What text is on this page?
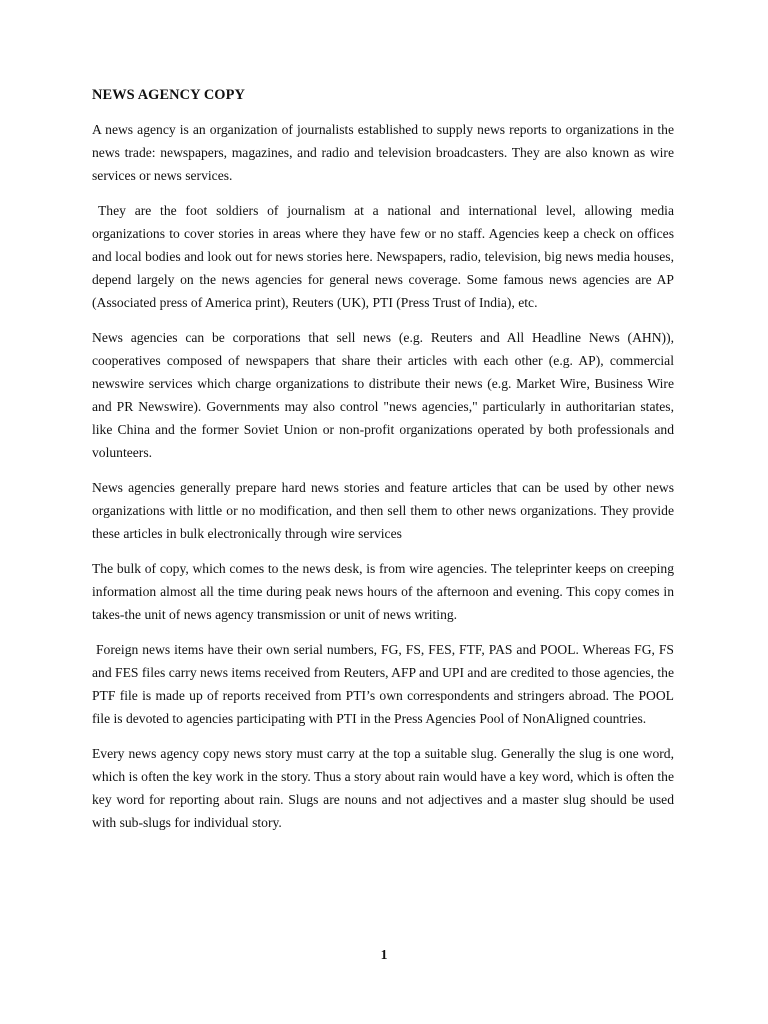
NEWS AGENCY COPY

A news agency is an organization of journalists established to supply news reports to organizations in the news trade: newspapers, magazines, and radio and television broadcasters. They are also known as wire services or news services.

They are the foot soldiers of journalism at a national and international level, allowing media organizations to cover stories in areas where they have few or no staff. Agencies keep a check on offices and local bodies and look out for news stories here. Newspapers, radio, television, big news media houses, depend largely on the news agencies for general news coverage. Some famous news agencies are AP (Associated press of America print), Reuters (UK), PTI (Press Trust of India), etc.

News agencies can be corporations that sell news (e.g. Reuters and All Headline News (AHN)), cooperatives composed of newspapers that share their articles with each other (e.g. AP), commercial newswire services which charge organizations to distribute their news (e.g. Market Wire, Business Wire and PR Newswire). Governments may also control "news agencies," particularly in authoritarian states, like China and the former Soviet Union or non-profit organizations operated by both professionals and volunteers.

News agencies generally prepare hard news stories and feature articles that can be used by other news organizations with little or no modification, and then sell them to other news organizations. They provide these articles in bulk electronically through wire services

The bulk of copy, which comes to the news desk, is from wire agencies. The teleprinter keeps on creeping information almost all the time during peak news hours of the afternoon and evening. This copy comes in takes-the unit of news agency transmission or unit of news writing.

Foreign news items have their own serial numbers, FG, FS, FES, FTF, PAS and POOL. Whereas FG, FS and FES files carry news items received from Reuters, AFP and UPI and are credited to those agencies, the PTF file is made up of reports received from PTI’s own correspondents and stringers abroad. The POOL file is devoted to agencies participating with PTI in the Press Agencies Pool of NonAligned countries.

Every news agency copy news story must carry at the top a suitable slug. Generally the slug is one word, which is often the key work in the story. Thus a story about rain would have a key word, which is often the key word for reporting about rain. Slugs are nouns and not adjectives and a master slug should be used with sub-slugs for individual story.

1
